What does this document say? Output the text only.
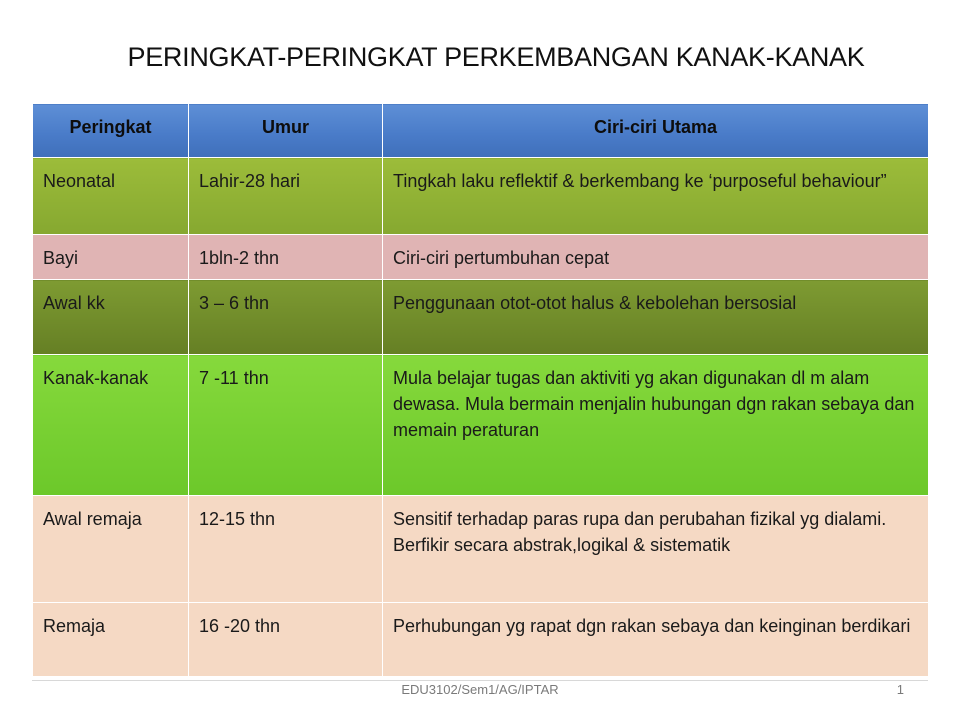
PERINGKAT-PERINGKAT PERKEMBANGAN KANAK-KANAK
Peringkat	Umur	Ciri-ciri Utama
Neonatal	Lahir-28 hari	Tingkah laku reflektif & berkembang ke ‘purposeful behaviour”
Bayi	1bln-2 thn	Ciri-ciri pertumbuhan cepat
Awal kk	3 – 6 thn	Penggunaan otot-otot halus & kebolehan bersosial
Kanak-kanak	7 -11 thn	Mula belajar tugas dan aktiviti yg akan digunakan dl m alam dewasa. Mula bermain menjalin hubungan dgn rakan sebaya dan memain peraturan
Awal remaja	12-15 thn	Sensitif terhadap paras rupa dan perubahan fizikal yg dialami. Berfikir secara abstrak,logikal & sistematik
Remaja	16 -20 thn	Perhubungan yg rapat dgn rakan sebaya dan keinginan berdikari
EDU3102/Sem1/AG/IPTAR	1
